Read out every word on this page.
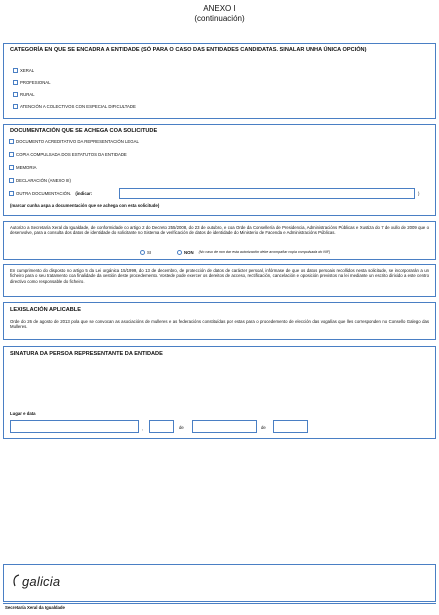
ANEXO I
(continuación)
CATEGORÍA EN QUE SE ENCADRA A ENTIDADE (SÓ PARA O CASO DAS ENTIDADES CANDIDATAS. SINALAR UNHA ÚNICA OPCIÓN)
XERAL
PROFESIONAL
RURAL
ATENCIÓN A COLECTIVOS CON ESPECIAL DIFICULTADE
DOCUMENTACIÓN QUE SE ACHEGA COA SOLICITUDE
DOCUMENTO ACREDITATIVO DA REPRESENTACIÓN LEGAL
COPIA COMPULSADA DOS ESTATUTOS DA ENTIDADE
MEMORIA
DECLARACIÓN (ANEXO III)
OUTRA DOCUMENTACIÓN. (indicar:	)
(marcar cunha aspa a documentación que se achega con esta solicitude)
Autorizo a Secretaría Xeral da Igualdade, de conformidade co artigo 2 do Decreto 255/2008, do 23 de outubro, e coa Orde da Consellería de Presidencia, Administracións Públicas e Xustiza do 7 de xullo de 2009 que o desenvolve, para a consulta dos datos de identidade do solicitante no Sistema de verificación de datos de identidade do Ministerio de Facenda e Administracións Públicas.
SI	NON (No caso de non dar esta autorización debe acompañar copia compulsada do NIF)
En cumprimento do disposto no artigo 5 da Lei orgánica 15/1999, do 13 de decembro, de protección de datos de carácter persoal, infórmase de que os datos persoais recollidos nesta solicitude, se incorporarán a un ficheiro para o seu tratamento coa finalidade da xestión deste procedemento. Vostede pode exercer os dereitos de acceso, rectificación, cancelación e oposición previstos na lei mediante un escrito dirixido a este centro directivo como responsable do ficheiro.
LEXISLACIÓN APLICABLE
Orde do 26 de agosto de 2013 pola que se convocan as asociacións de mulleres e as federacións constituídas por estas para o procedemento de elección das vogalías que lles corresponden no Consello Galego das Mulleres.
SINATURA DA PERSOA REPRESENTANTE DA ENTIDADE
Lugar e data
,	de	de
galicia
Secretaría Xeral da Igualdade
